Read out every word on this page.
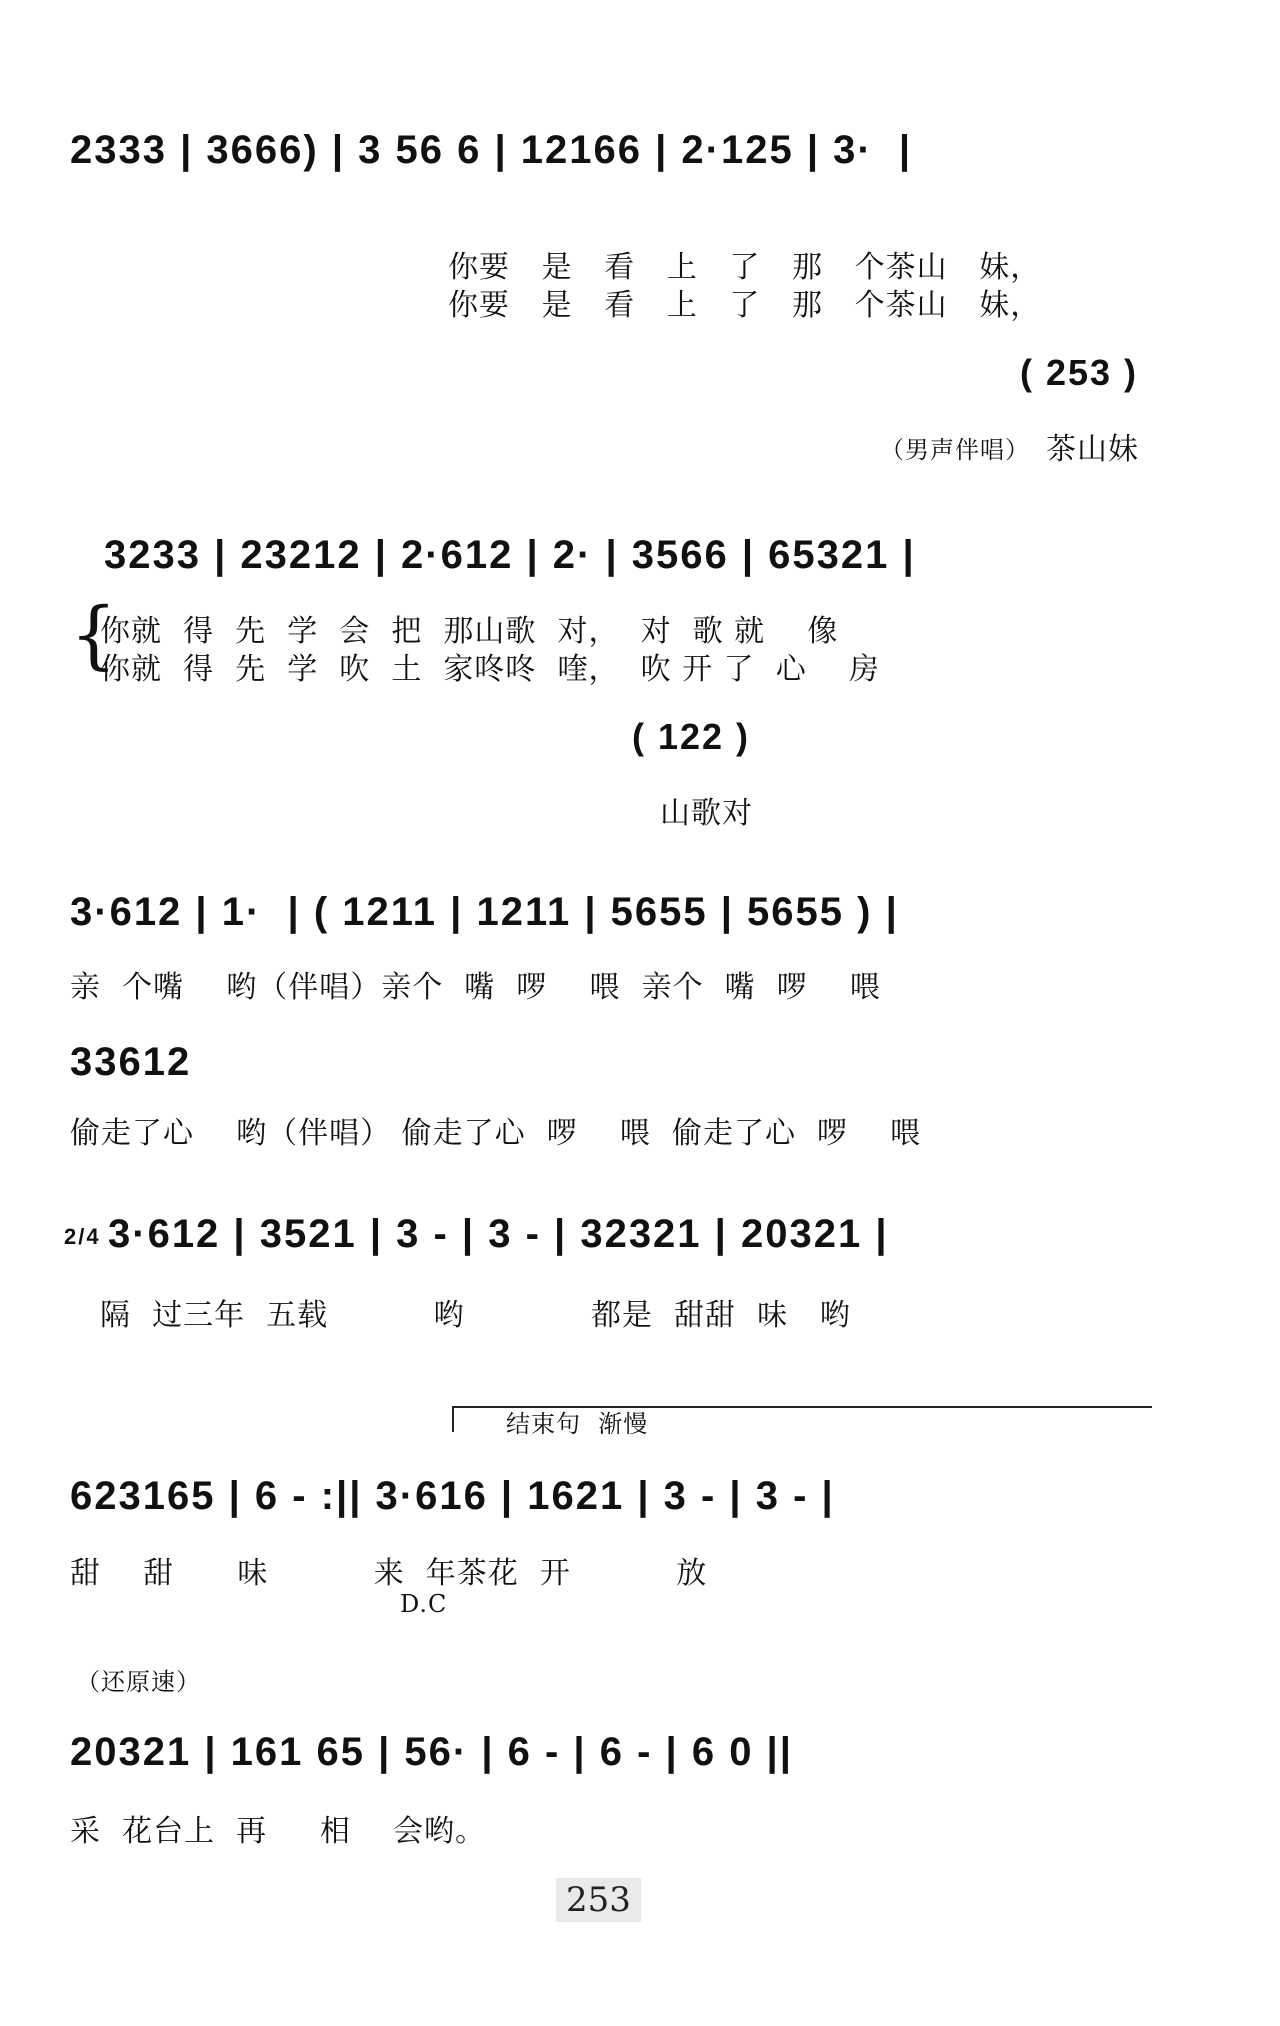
2333 | 3666) | 3 56 6 | 12166 | 2·125 | 3·  |
你要   是   看   上   了   那   个茶山   妹，
你要   是   看   上   了   那   个茶山   妹，
( 253 )
（男声伴唱） 茶山妹
3233 | 23212 | 2·612 | 2· | 3566 | 65321 |
{
你就  得  先  学  会  把  那山歌  对，  对  歌 就    像
你就  得  先  学  吹  土  家咚咚  喹，  吹 开 了  心    房
( 122 )
山歌对
3·612 | 1·  | ( 1211 | 1211 | 5655 | 5655 ) |
亲  个嘴    哟（伴唱）亲个  嘴  啰    喂  亲个  嘴  啰    喂
33612
偷走了心    哟（伴唱） 偷走了心  啰    喂  偷走了心  啰    喂
2/4 3·612 | 3521 | 3 - | 3 - | 32321 | 20321 |
隔  过三年  五载          哟            都是  甜甜  味   哟
结束句  渐慢
623165 | 6 - :|| 3·616 | 1621 | 3 - | 3 - |
甜    甜      味          来  年茶花  开          放
D.C
（还原速）
20321 | 161 65 | 56· | 6 - | 6 - | 6 0 ||
采  花台上  再     相    会哟。
253
